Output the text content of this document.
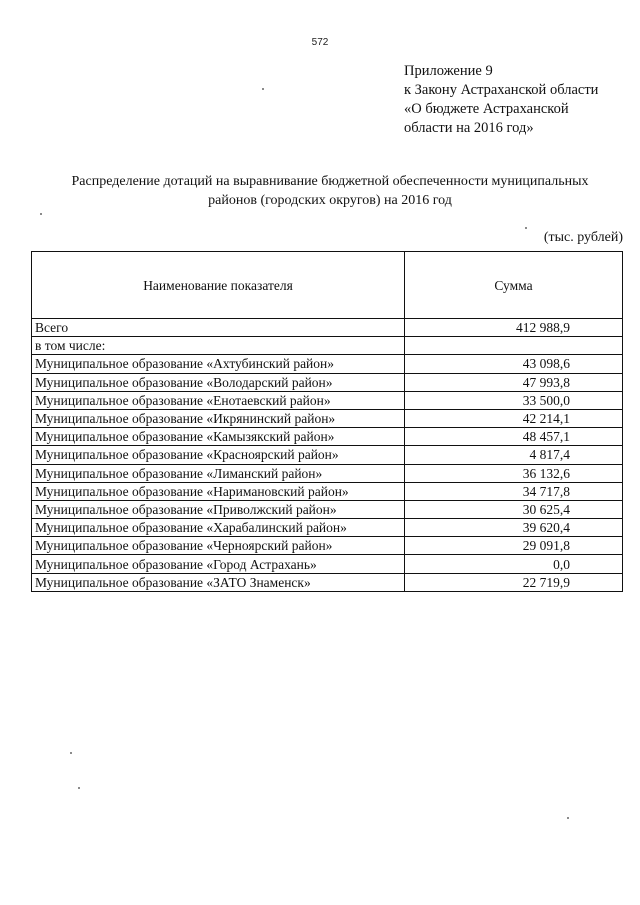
572
Приложение 9
к Закону Астраханской области
«О бюджете Астраханской
области на 2016 год»
Распределение дотаций на выравнивание бюджетной обеспеченности муниципальных
районов (городских округов) на 2016 год
(тыс. рублей)
Наименование показателя	Сумма
Всего	412 988,9
в том числе:	
Муниципальное образование «Ахтубинский район»	43 098,6
Муниципальное образование «Володарский район»	47 993,8
Муниципальное образование «Енотаевский район»	33 500,0
Муниципальное образование «Икрянинский район»	42 214,1
Муниципальное образование «Камызякский район»	48 457,1
Муниципальное образование «Красноярский район»	4 817,4
Муниципальное образование «Лиманский район»	36 132,6
Муниципальное образование «Наримановский район»	34 717,8
Муниципальное образование «Приволжский район»	30 625,4
Муниципальное образование «Харабалинский район»	39 620,4
Муниципальное образование «Черноярский район»	29 091,8
Муниципальное образование «Город Астрахань»	0,0
Муниципальное образование «ЗАТО Знаменск»	22 719,9
